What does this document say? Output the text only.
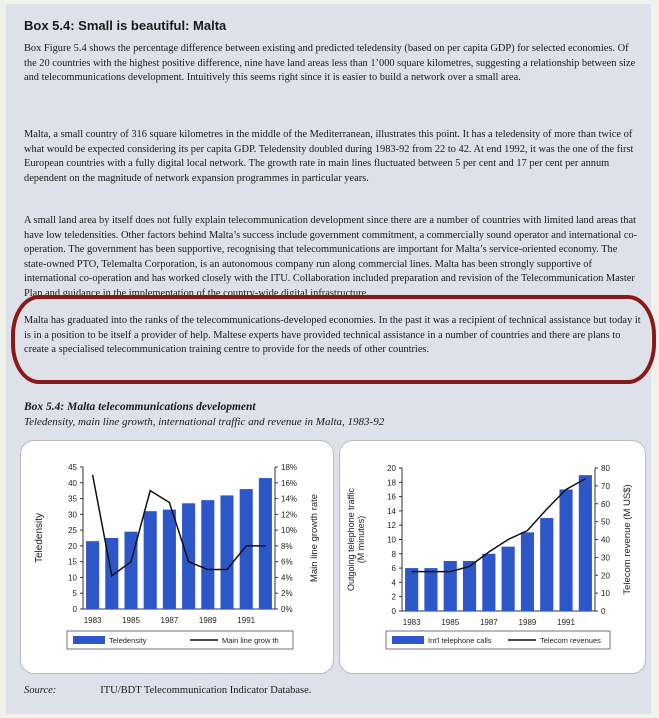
Box 5.4: Small is beautiful: Malta

Box Figure 5.4 shows the percentage difference between existing and predicted teledensity (based on per capita GDP) for selected economies. Of the 20 countries with the highest positive difference, nine have land areas less than 1’000 square kilometres, suggesting a relationship between size and telecommunications development. Intuitively this seems right since it is easier to build a network over a small area.

Malta, a small country of 316 square kilometres in the middle of the Mediterranean, illustrates this point. It has a teledensity of more than twice of what would be expected considering its per capita GDP. Teledensity doubled during 1983-92 from 22 to 42. At end 1992, it was the one of the first European countries with a fully digital local network. The growth rate in main lines fluctuated between 5 per cent and 17 per cent per annum dependent on the magnitude of network expansion programmes in particular years.

A small land area by itself does not fully explain telecommunication development since there are a number of countries with limited land areas that have low teledensities. Other factors behind Malta’s success include government commitment, a commercially sound operator and international co-operation. The government has been supportive, recognising that telecommunications are important for Malta’s service-oriented economy. The state-owned PTO, Telemalta Corporation, is an autonomous company run along commercial lines. Malta has been strongly supportive of international co-operation and has worked closely with the ITU. Collaboration included preparation and revision of the Telecommunication Master Plan and guidance in the implementation of the country-wide digital infrastructure.

Malta has graduated into the ranks of the telecommunications-developed economies. In the past it was a recipient of technical assistance but today it is in a position to be itself a provider of help. Maltese experts have provided technical assistance in a number of countries and there are plans to create a specialised telecommunication training centre to provide for the needs of other countries.

Box 5.4: Malta telecommunications development
Teledensity, main line growth, international traffic and revenue in Malta, 1983-92
0
5
10
15
20
25
30
35
40
45
0%
2%
4%
6%
8%
10%
12%
14%
16%
18%
1983	1985	1987	1989	1991
Teledensity	Main line growth rate
Teledensity	Main line grow th
0
2
4
6
8
10
12
14
16
18
20
0
10
20
30
40
50
60
70
80
1983	1985	1987	1989	1991
Outgoing telephone traffic (M minutes)	Telecom revenue (M US$)
Int'l telephone calls	Telecom revenues
Source:	ITU/BDT Telecommunication Indicator Database.
